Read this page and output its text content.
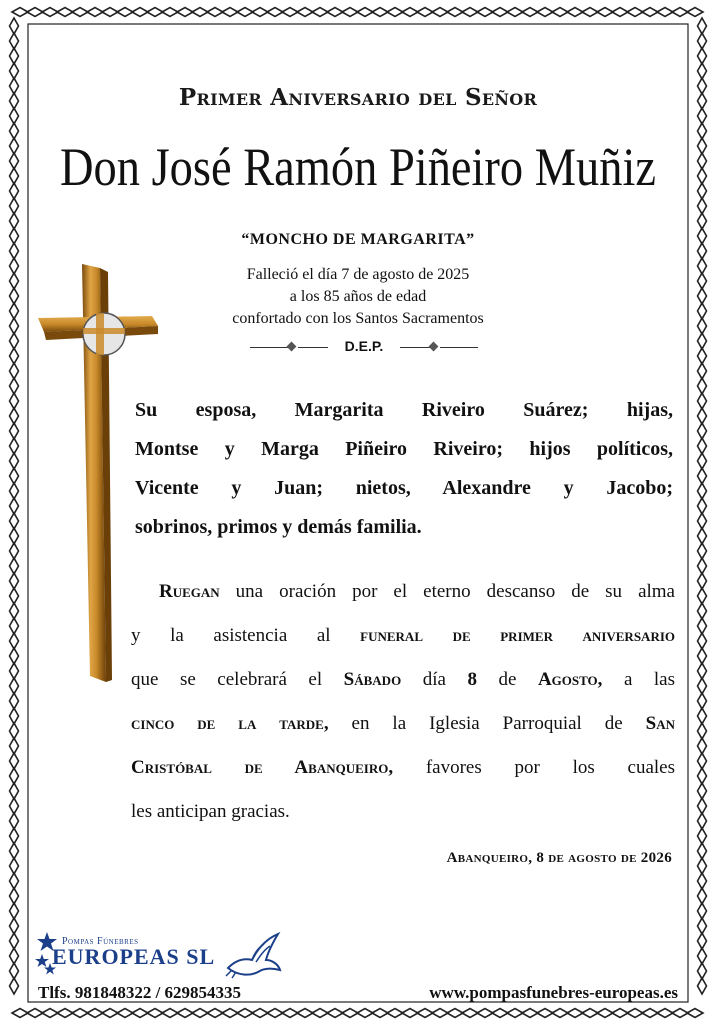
Primer Aniversario del Señor
Don José Ramón Piñeiro Muñiz
“MONCHO DE MARGARITA”
Falleció el día 7 de agosto de 2025
a los 85 años de edad
confortado con los Santos Sacramentos
D.E.P.
Su esposa, Margarita Riveiro Suárez; hijas,
Montse y Marga Piñeiro Riveiro; hijos políticos,
Vicente y Juan; nietos, Alexandre y Jacobo;
sobrinos, primos y demás familia.
Ruegan una oración por el eterno descanso de su alma
y la asistencia al funeral de primer aniversario
que se celebrará el Sábado día 8 de Agosto, a las
cinco de la tarde, en la Iglesia Parroquial de San
Cristóbal de Abanqueiro, favores por los cuales
les anticipan gracias.
Abanqueiro, 8 de agosto de 2026
Pompas Fúnebres
EUROPEAS SL
Tlfs. 981848322 / 629854335	www.pompasfunebres-europeas.es
